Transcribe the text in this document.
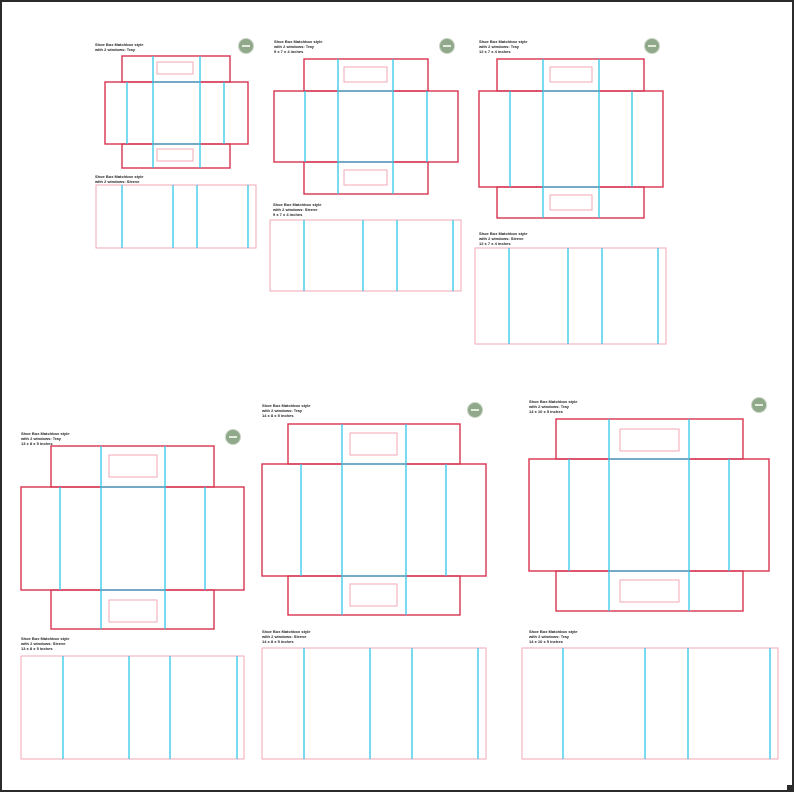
Shoe Box Matchbox style
with 2 windows: Tray
Shoe Box Matchbox style
with 2 windows: Sleeve
Shoe Box Matchbox style
with 2 windows: Tray
9 x 7 x 4 inches
Shoe Box Matchbox style
with 2 windows: Sleeve
9 x 7 x 4 inches
Shoe Box Matchbox style
with 2 windows: Tray
12 x 7 x 4 inches
Shoe Box Matchbox style
with 2 windows: Sleeve
12 x 7 x 4 inches
Shoe Box Matchbox style
with 2 windows: Tray
13 x 8 x 5 inches
Shoe Box Matchbox style
with 2 windows: Sleeve
13 x 8 x 5 inches
Shoe Box Matchbox style
with 2 windows: Tray
14 x 8 x 5 inches
Shoe Box Matchbox style
with 2 windows: Sleeve
14 x 8 x 5 inches
Shoe Box Matchbox style
with 2 windows: Tray
14 x 10 x 5 inches
Shoe Box Matchbox style
with 2 windows: Tray
14 x 10 x 5 inches
